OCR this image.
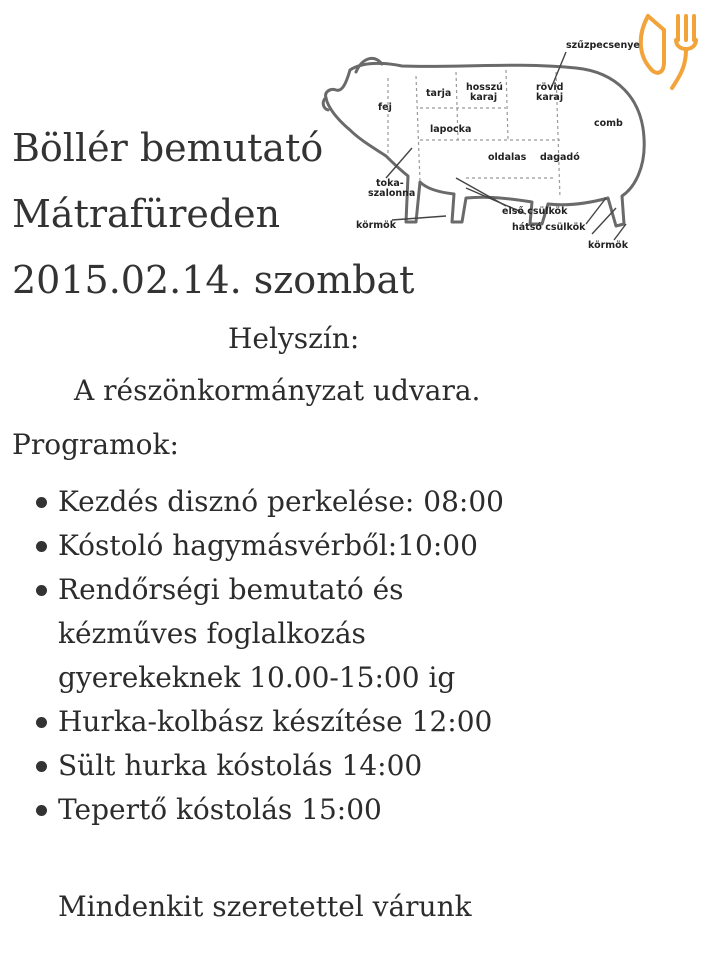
szűzpecsenye
fej
tarja
hosszú karaj
rövid karaj
comb
lapocka
oldalas dagadó
toka- szalonna
első csülkök
hátsó csülkök
körmök
körmök
Böllér bemutató
Mátrafüreden
2015.02.14. szombat

Helyszín:

A részönkormányzat udvara.

Programok:

Kezdés disznó perkelése: 08:00
Kóstoló hagymásvérből:10:00
Rendőrségi bemutató és
kézműves foglalkozás
gyerekeknek 10.00-15:00 ig
Hurka-kolbász készítése 12:00
Sült hurka kóstolás 14:00
Tepertő kóstolás 15:00

Mindenkit szeretettel várunk
